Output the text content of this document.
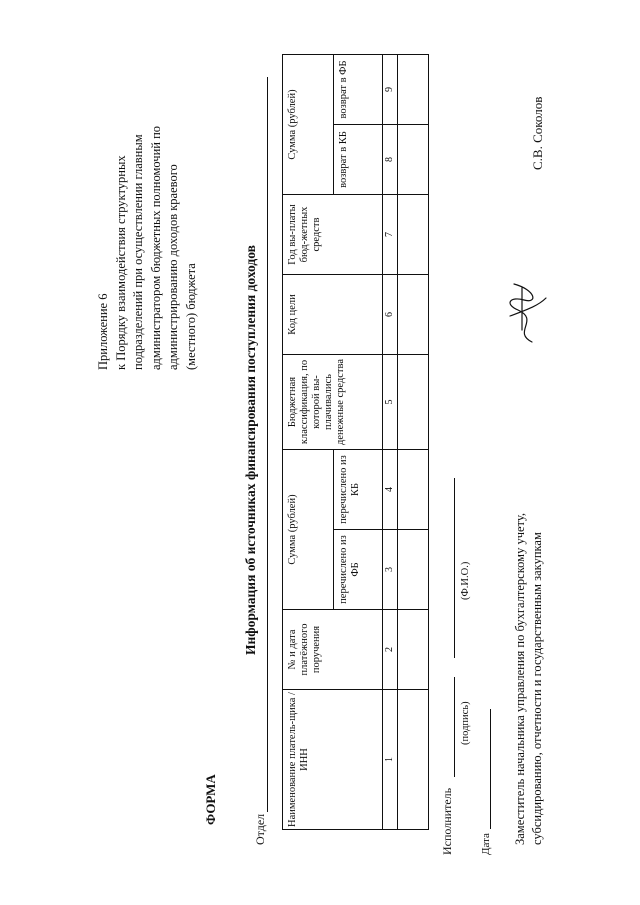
Приложение 6 к Порядку взаимодействия структурных подразделений при осуществлении главным администратором бюджетных полномочий по администрированию доходов краевого (местного) бюджета
ФОРМА
Информация об источниках финансирования поступления доходов
Отдел
Наименование платель-щика /ИНН	№ и дата платёжного поручения	Сумма (рублей)		Бюджетная классификация, по которой вы-плачивались денежные средства	Код цели	Год вы-платы бюд-жетных средств	Сумма (рублей)	
		перечислено из ФБ	перечислено из КБ				возврат в КБ	возврат в ФБ
1	2	3	4	5	6	7	8	9

Исполнитель
(подпись)
(Ф.И.О.)
Дата Заместитель начальника управления по бухгалтерскому учету, субсидированию, отчетности и государственным закупкам
С.В. Соколов
